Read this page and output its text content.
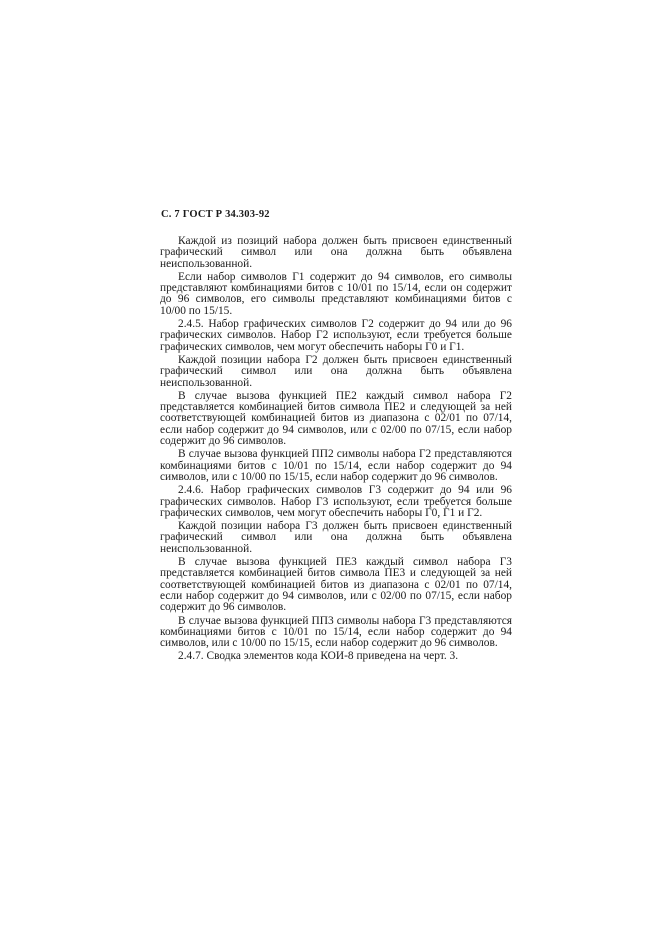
С. 7 ГОСТ Р 34.303-92

Каждой из позиций набора должен быть присвоен единственный графический символ или она должна быть объявлена неиспользованной.

Если набор символов Г1 содержит до 94 символов, его символы представляют комбинациями битов с 10/01 по 15/14, если он содержит до 96 символов, его символы представляют комбинациями битов с 10/00 по 15/15.

2.4.5. Набор графических символов Г2 содержит до 94 или до 96 графических символов. Набор Г2 используют, если требуется больше графических символов, чем могут обеспечить наборы Г0 и Г1.

Каждой позиции набора Г2 должен быть присвоен единственный графический символ или она должна быть объявлена неиспользованной.

В случае вызова функцией ПЕ2 каждый символ набора Г2 представляется комбинацией битов символа ПЕ2 и следующей за ней соответствующей комбинацией битов из диапазона с 02/01 по 07/14, если набор содержит до 94 символов, или с 02/00 по 07/15, если набор содержит до 96 символов.

В случае вызова функцией ПП2 символы набора Г2 представляются комбинациями битов с 10/01 по 15/14, если набор содержит до 94 символов, или с 10/00 по 15/15, если набор содержит до 96 символов.

2.4.6. Набор графических символов Г3 содержит до 94 или 96 графических символов. Набор Г3 используют, если требуется больше графических символов, чем могут обеспечить наборы Г0, Г1 и Г2.

Каждой позиции набора Г3 должен быть присвоен единственный графический символ или она должна быть объявлена неиспользованной.

В случае вызова функцией ПЕ3 каждый символ набора Г3 представляется комбинацией битов символа ПЕ3 и следующей за ней соответствующей комбинацией битов из диапазона с 02/01 по 07/14, если набор содержит до 94 символов, или с 02/00 по 07/15, если набор содержит до 96 символов.

В случае вызова функцией ПП3 символы набора Г3 представляются комбинациями битов с 10/01 по 15/14, если набор содержит до 94 символов, или с 10/00 по 15/15, если набор содержит до 96 символов.

2.4.7. Сводка элементов кода КОИ-8 приведена на черт. 3.
